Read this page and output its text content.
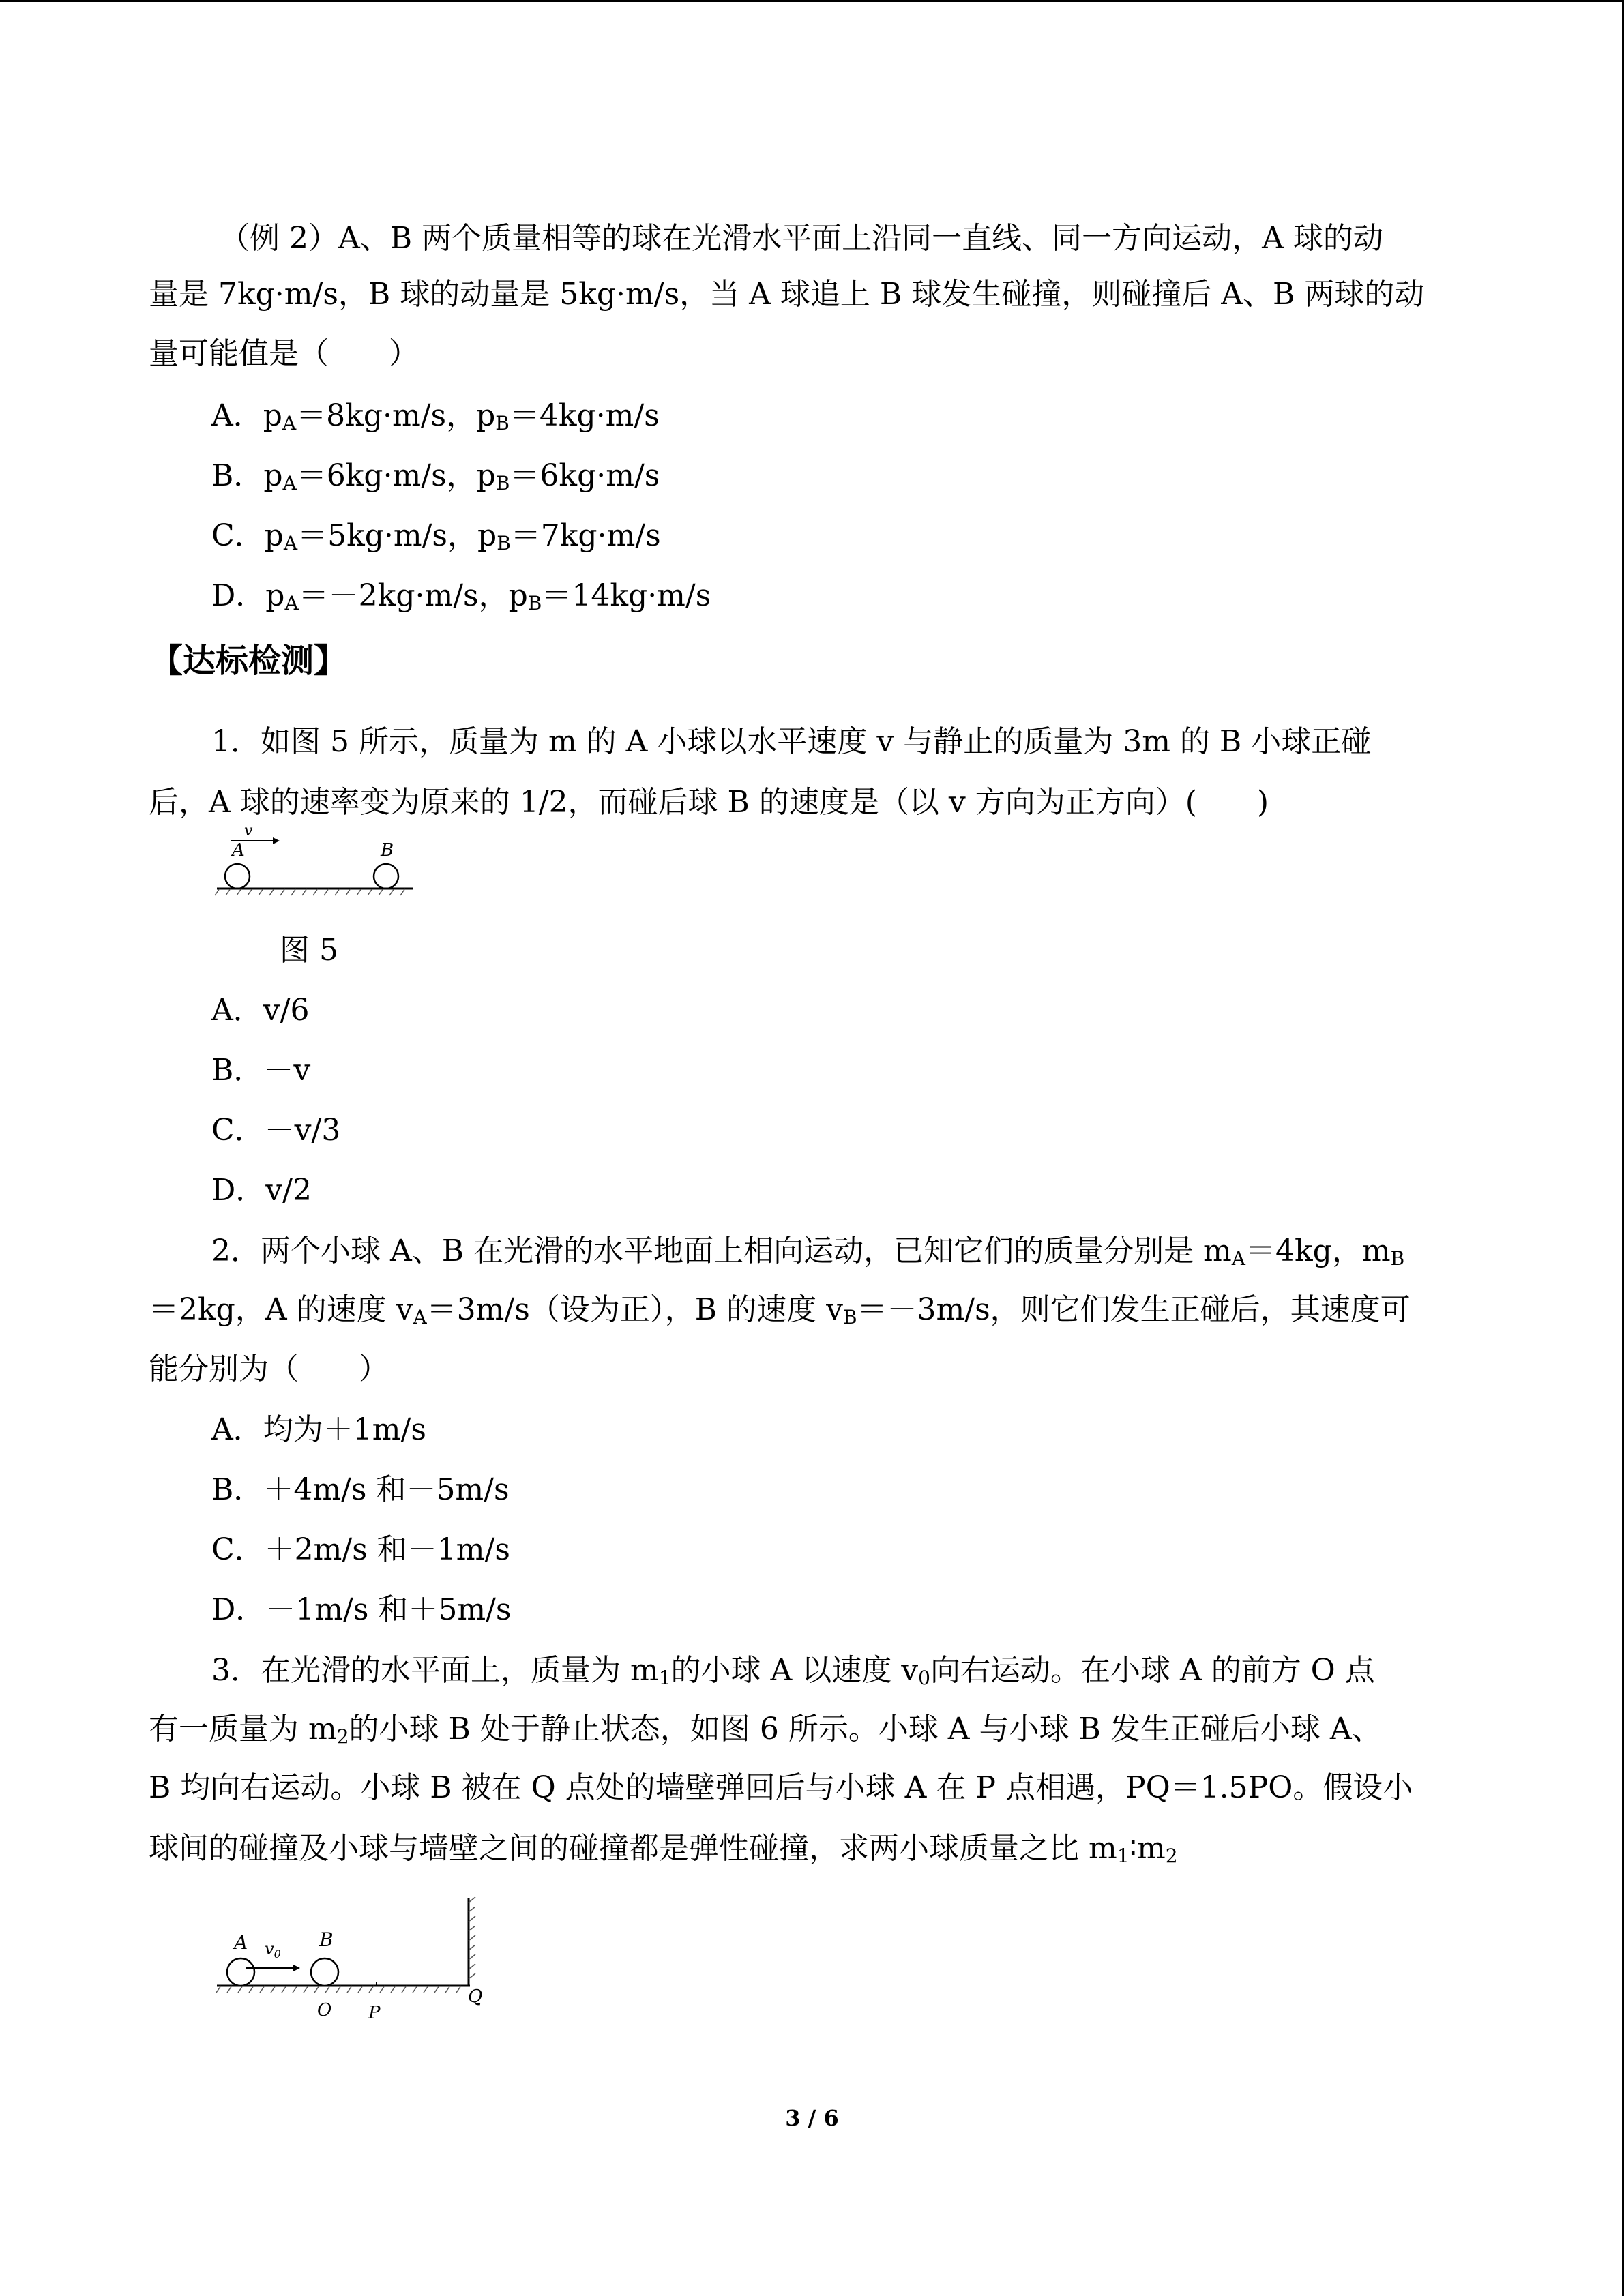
（例 2）A、B 两个质量相等的球在光滑水平面上沿同一直线、同一方向运动，A 球的动
量是 7kg·m/s，B 球的动量是 5kg·m/s，当 A 球追上 B 球发生碰撞，则碰撞后 A、B 两球的动
量可能值是（　　）
A．$p_A=8kg\cdot m/s$，$p_B=4kg\cdot m/s$
B．$p_A=6kg\cdot m/s$，$p_B=6kg\cdot m/s$
C．$p_A=5kg\cdot m/s$，$p_B=7kg\cdot m/s$
D．$p_A=-2kg\cdot m/s$，$p_B=14kg\cdot m/s$
【达标检测】
1．如图 5 所示，质量为 m 的 A 小球以水平速度 v 与静止的质量为 3m 的 B 小球正碰
后，A 球的速率变为原来的 1/2，而碰后球 B 的速度是（以 v 方向为正方向）(　　)
v
A	B
图 5
A．v/6
B．－v
C．－v/3
D．v/2
2．两个小球 A、B 在光滑的水平地面上相向运动，已知它们的质量分别是 $m_A=4kg$，$m_B$
＝2kg，A 的速度 $v_A=3m/s$（设为正），B 的速度 $v_B=-3m/s$，则它们发生正碰后，其速度可
能分别为（　　）
A．均为＋1m/s
B．＋4m/s 和－5m/s
C．＋2m/s 和－1m/s
D．－1m/s 和＋5m/s
3．在光滑的水平面上，质量为 $m_1$的小球 A 以速度 $v_0$向右运动。在小球 A 的前方 O 点
有一质量为 $m_2$的小球 B 处于静止状态，如图 6 所示。小球 A 与小球 B 发生正碰后小球 A、
B 均向右运动。小球 B 被在 Q 点处的墙壁弹回后与小球 A 在 P 点相遇，PQ＝1.5PO。假设小
球间的碰撞及小球与墙壁之间的碰撞都是弹性碰撞，求两小球质量之比 $m_1∶m_2$
A	B
$v_0$
O P
Q
3 / 6
